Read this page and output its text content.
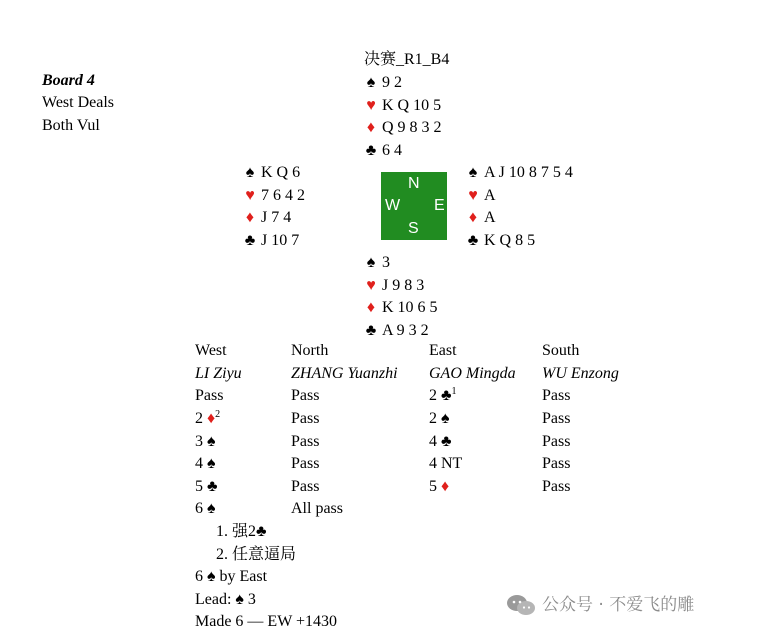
Board 4
West Deals
Both Vul
决赛_R1_B4
♠ 9 2
♥ K Q 10 5
♦ Q 9 8 3 2
♣ 6 4
♠ K Q 6
♥ 7 6 4 2
♦ J 7 4
♣ J 10 7
N
W E
S
♠ A J 10 8 7 5 4
♥ A
♦ A
♣ K Q 8 5
♠ 3
♥ J 9 8 3
♦ K 10 6 5
♣ A 9 3 2
West	North	East	South
LI Ziyu	ZHANG Yuanzhi	GAO Mingda	WU Enzong
Pass	Pass	2 ♣$^1$	Pass
2 ♦$^2$	Pass	2 ♠	Pass
3 ♠	Pass	4 ♣	Pass
4 ♠	Pass	4 NT	Pass
5 ♣	Pass	5 ♦	Pass
6 ♠	All pass		
1. 强2♣
2. 任意逼局
6 ♠ by East
Lead: ♠ 3
Made 6 — EW +1430
公众号 · 不爱飞的雕
